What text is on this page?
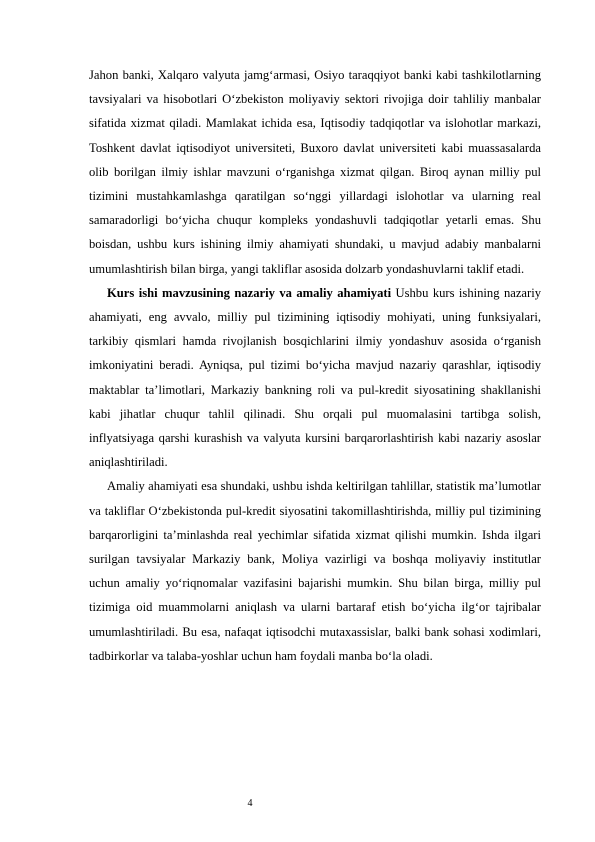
Jahon banki, Xalqaro valyuta jamg‘armasi, Osiyo taraqqiyot banki kabi tashkilotlarning tavsiyalari va hisobotlari O‘zbekiston moliyaviy sektori rivojiga doir tahliliy manbalar sifatida xizmat qiladi. Mamlakat ichida esa, Iqtisodiy tadqiqotlar va islohotlar markazi, Toshkent davlat iqtisodiyot universiteti, Buxoro davlat universiteti kabi muassasalarda olib borilgan ilmiy ishlar mavzuni o‘rganishga xizmat qilgan. Biroq aynan milliy pul tizimini mustahkamlashga qaratilgan so‘nggi yillardagi islohotlar va ularning real samaradorligi bo‘yicha chuqur kompleks yondashuvli tadqiqotlar yetarli emas. Shu boisdan, ushbu kurs ishining ilmiy ahamiyati shundaki, u mavjud adabiy manbalarni umumlashtirish bilan birga, yangi takliflar asosida dolzarb yondashuvlarni taklif etadi.

Kurs ishi mavzusining nazariy va amaliy ahamiyati Ushbu kurs ishining nazariy ahamiyati, eng avvalo, milliy pul tizimining iqtisodiy mohiyati, uning funksiyalari, tarkibiy qismlari hamda rivojlanish bosqichlarini ilmiy yondashuv asosida o‘rganish imkoniyatini beradi. Ayniqsa, pul tizimi bo‘yicha mavjud nazariy qarashlar, iqtisodiy maktablar ta’limotlari, Markaziy bankning roli va pul-kredit siyosatining shakllanishi kabi jihatlar chuqur tahlil qilinadi. Shu orqali pul muomalasini tartibga solish, inflyatsiyaga qarshi kurashish va valyuta kursini barqarorlashtirish kabi nazariy asoslar aniqlashtiriladi.

Amaliy ahamiyati esa shundaki, ushbu ishda keltirilgan tahlillar, statistik ma’lumotlar va takliflar O‘zbekistonda pul-kredit siyosatini takomillashtirishda, milliy pul tizimining barqarorligini ta’minlashda real yechimlar sifatida xizmat qilishi mumkin. Ishda ilgari surilgan tavsiyalar Markaziy bank, Moliya vazirligi va boshqa moliyaviy institutlar uchun amaliy yo‘riqnomalar vazifasini bajarishi mumkin. Shu bilan birga, milliy pul tizimiga oid muammolarni aniqlash va ularni bartaraf etish bo‘yicha ilg‘or tajribalar umumlashtiriladi. Bu esa, nafaqat iqtisodchi mutaxassislar, balki bank sohasi xodimlari, tadbirkorlar va talaba-yoshlar uchun ham foydali manba bo‘la oladi.

4
